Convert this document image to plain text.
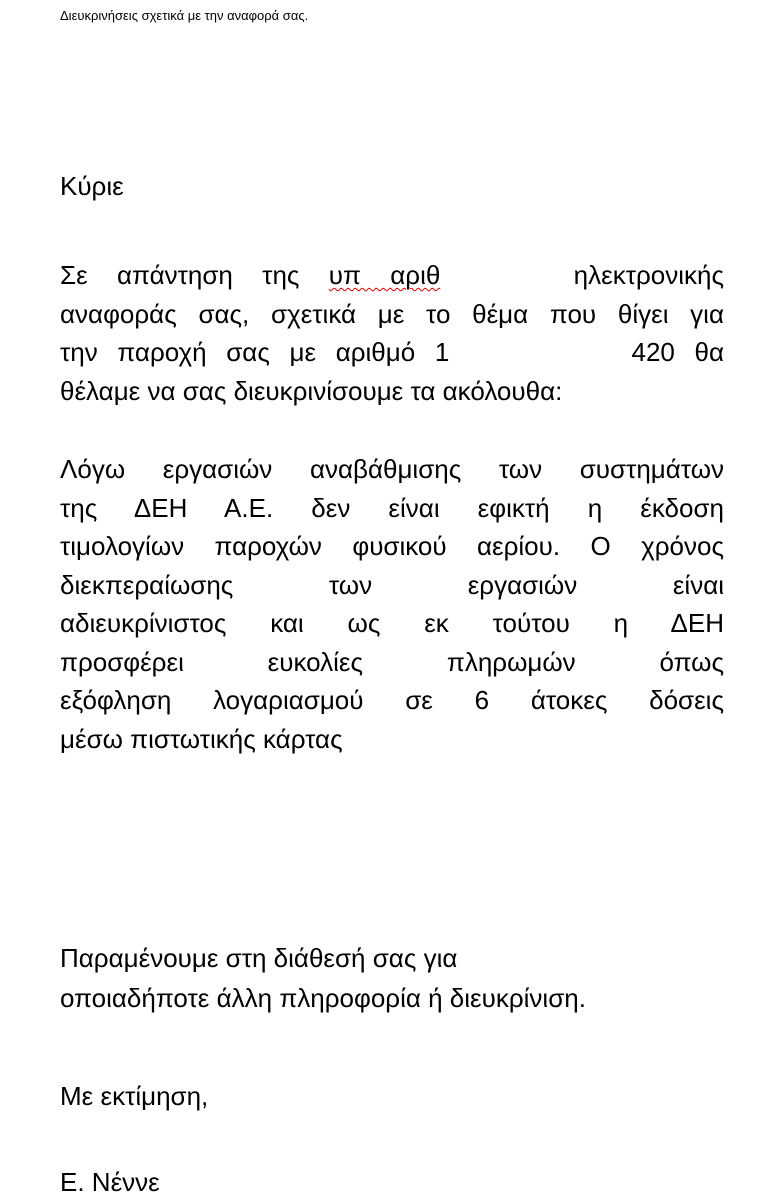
Διευκρινήσεις σχετικά με την αναφορά σας.
Κύριε
Σε απάντηση της υπ αριθ	ηλεκτρονικής
αναφοράς σας, σχετικά με το θέμα που θίγει για
την παροχή σας με αριθμό 1                                   420 θα
θέλαμε να σας διευκρινίσουμε τα ακόλουθα:
Λόγω εργασιών αναβάθμισης των συστημάτων
της ΔΕΗ Α.Ε. δεν είναι εφικτή η έκδοση
τιμολογίων παροχών φυσικού αερίου. Ο χρόνος
διεκπεραίωσης των εργασιών είναι
αδιευκρίνιστος και ως εκ τούτου η ΔΕΗ
προσφέρει ευκολίες πληρωμών όπως
εξόφληση λογαριασμού σε 6 άτοκες δόσεις
μέσω πιστωτικής κάρτας
Παραμένουμε στη διάθεσή σας για
οποιαδήποτε άλλη πληροφορία ή διευκρίνιση.
Με εκτίμηση,
Ε. Νέννε
